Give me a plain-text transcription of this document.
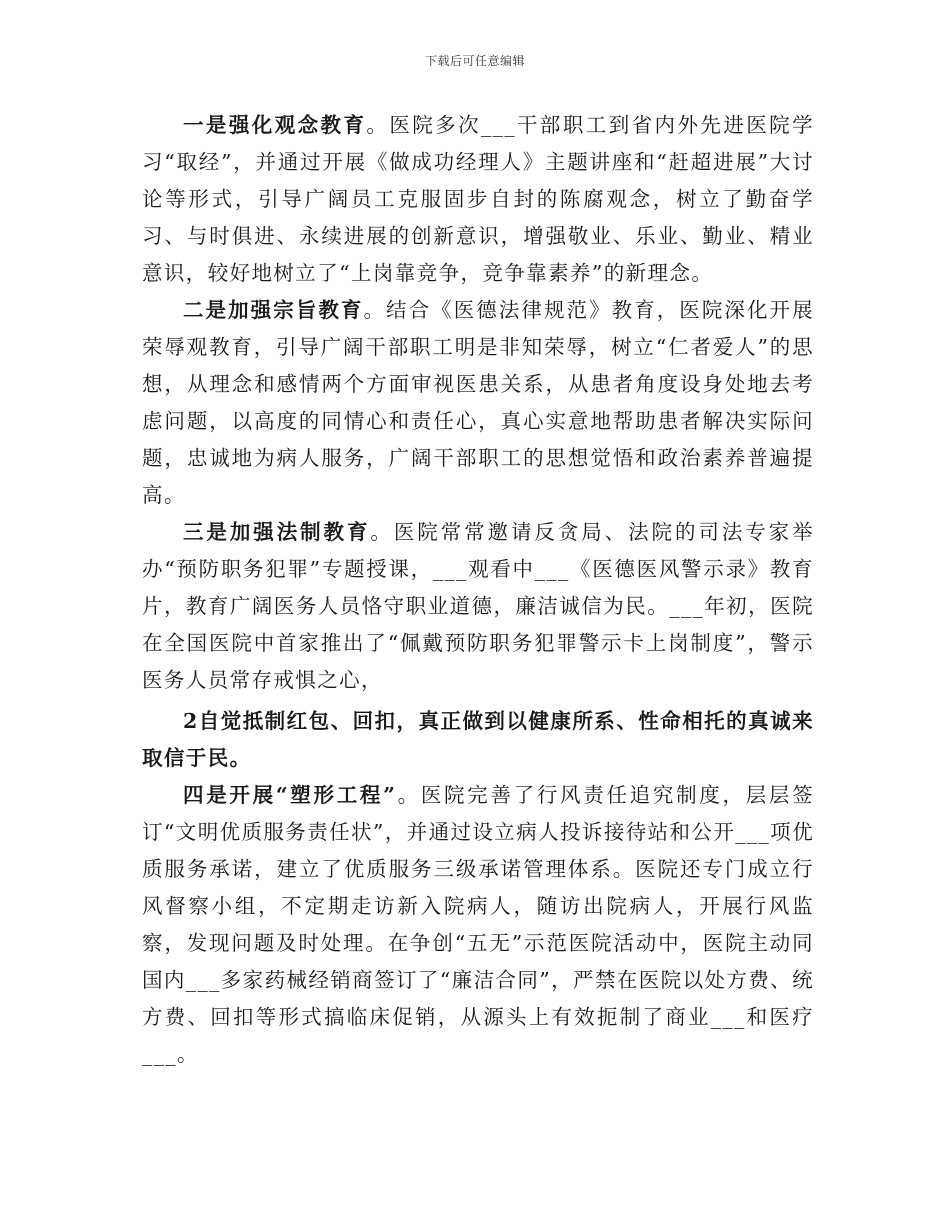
下载后可任意编辑

一是强化观念教育。医院多次___干部职工到省内外先进医院学习“取经”，并通过开展《做成功经理人》主题讲座和“赶超进展”大讨论等形式，引导广阔员工克服固步自封的陈腐观念，树立了勤奋学习、与时俱进、永续进展的创新意识，增强敬业、乐业、勤业、精业意识，较好地树立了“上岗靠竞争，竞争靠素养”的新理念。

二是加强宗旨教育。结合《医德法律规范》教育，医院深化开展荣辱观教育，引导广阔干部职工明是非知荣辱，树立“仁者爱人”的思想，从理念和感情两个方面审视医患关系，从患者角度设身处地去考虑问题，以高度的同情心和责任心，真心实意地帮助患者解决实际问题，忠诚地为病人服务，广阔干部职工的思想觉悟和政治素养普遍提高。

三是加强法制教育。医院常常邀请反贪局、法院的司法专家举办“预防职务犯罪”专题授课，___观看中___《医德医风警示录》教育片，教育广阔医务人员恪守职业道德，廉洁诚信为民。___年初，医院在全国医院中首家推出了“佩戴预防职务犯罪警示卡上岗制度”，警示医务人员常存戒惧之心，

2自觉抵制红包、回扣，真正做到以健康所系、性命相托的真诚来取信于民。

四是开展“塑形工程”。医院完善了行风责任追究制度，层层签订“文明优质服务责任状”，并通过设立病人投诉接待站和公开___项优质服务承诺，建立了优质服务三级承诺管理体系。医院还专门成立行风督察小组，不定期走访新入院病人，随访出院病人，开展行风监察，发现问题及时处理。在争创“五无”示范医院活动中，医院主动同国内___多家药械经销商签订了“廉洁合同”，严禁在医院以处方费、统方费、回扣等形式搞临床促销，从源头上有效扼制了商业___和医疗___。
